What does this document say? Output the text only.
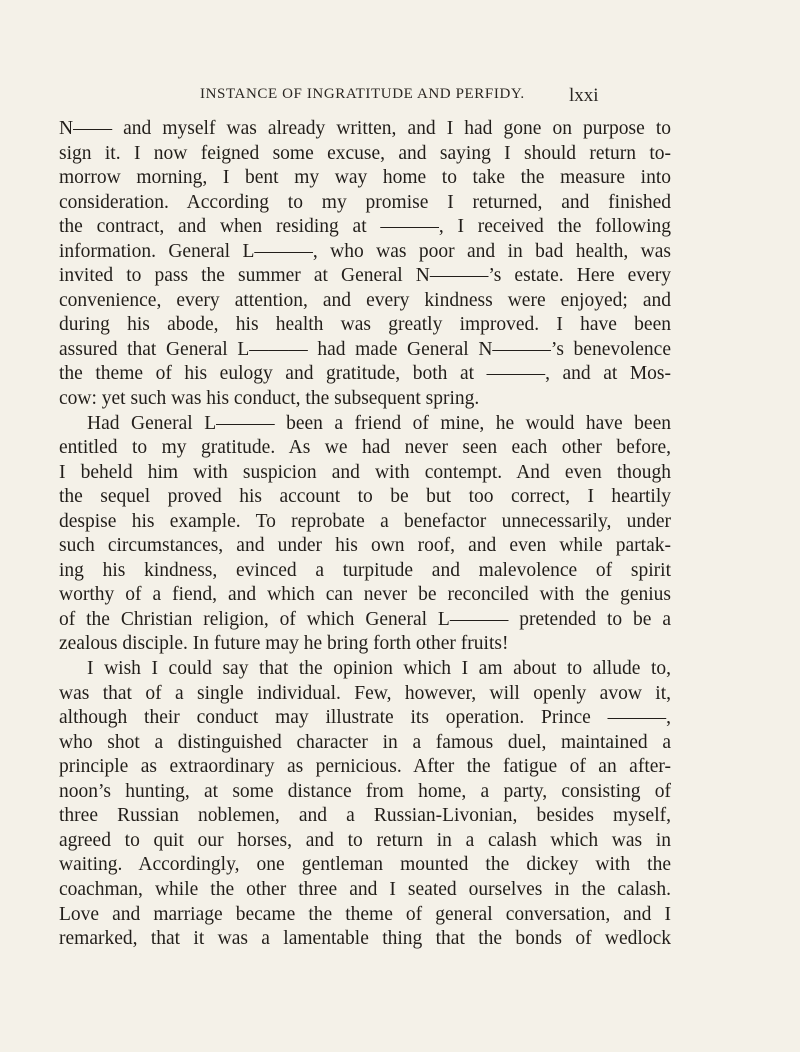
INSTANCE OF INGRATITUDE AND PERFIDY. lxxi
N—— and myself was already written, and I had gone on purpose to
sign it. I now feigned some excuse, and saying I should return to-
morrow morning, I bent my way home to take the measure into
consideration. According to my promise I returned, and finished
the contract, and when residing at ———, I received the following
information. General L———, who was poor and in bad health, was
invited to pass the summer at General N———’s estate. Here every
convenience, every attention, and every kindness were enjoyed; and
during his abode, his health was greatly improved. I have been
assured that General L——— had made General N———’s benevolence
the theme of his eulogy and gratitude, both at ———, and at Mos-
cow: yet such was his conduct, the subsequent spring.
Had General L——— been a friend of mine, he would have been
entitled to my gratitude. As we had never seen each other before,
I beheld him with suspicion and with contempt. And even though
the sequel proved his account to be but too correct, I heartily
despise his example. To reprobate a benefactor unnecessarily, under
such circumstances, and under his own roof, and even while partak-
ing his kindness, evinced a turpitude and malevolence of spirit
worthy of a fiend, and which can never be reconciled with the genius
of the Christian religion, of which General L——— pretended to be a
zealous disciple. In future may he bring forth other fruits!
I wish I could say that the opinion which I am about to allude to,
was that of a single individual. Few, however, will openly avow it,
although their conduct may illustrate its operation. Prince ———,
who shot a distinguished character in a famous duel, maintained a
principle as extraordinary as pernicious. After the fatigue of an after-
noon’s hunting, at some distance from home, a party, consisting of
three Russian noblemen, and a Russian-Livonian, besides myself,
agreed to quit our horses, and to return in a calash which was in
waiting. Accordingly, one gentleman mounted the dickey with the
coachman, while the other three and I seated ourselves in the calash.
Love and marriage became the theme of general conversation, and I
remarked, that it was a lamentable thing that the bonds of wedlock
